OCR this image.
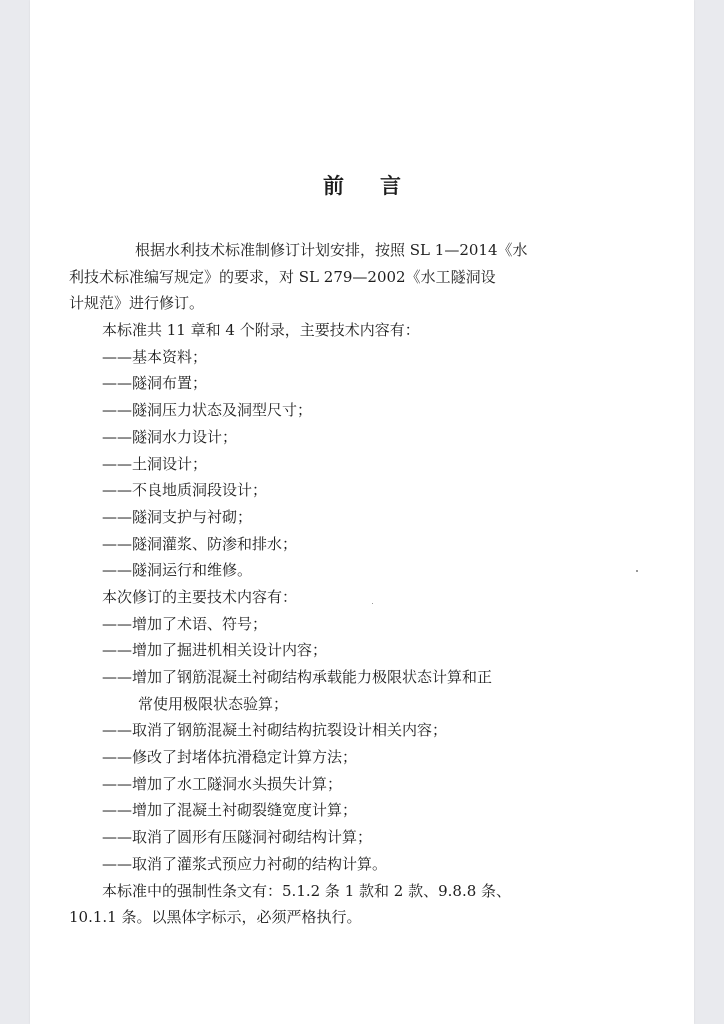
前言
根据水利技术标准制修订计划安排，按照 SL 1—2014《水
利技术标准编写规定》的要求，对 SL 279—2002《水工隧洞设
计规范》进行修订。
本标准共 11 章和 4 个附录，主要技术内容有：
——基本资料；
——隧洞布置；
——隧洞压力状态及洞型尺寸；
——隧洞水力设计；
——土洞设计；
——不良地质洞段设计；
——隧洞支护与衬砌；
——隧洞灌浆、防渗和排水；
——隧洞运行和维修。
本次修订的主要技术内容有：
——增加了术语、符号；
——增加了掘进机相关设计内容；
——增加了钢筋混凝土衬砌结构承载能力极限状态计算和正
常使用极限状态验算；
——取消了钢筋混凝土衬砌结构抗裂设计相关内容；
——修改了封堵体抗滑稳定计算方法；
——增加了水工隧洞水头损失计算；
——增加了混凝土衬砌裂缝宽度计算；
——取消了圆形有压隧洞衬砌结构计算；
——取消了灌浆式预应力衬砌的结构计算。
本标准中的强制性条文有：5.1.2 条 1 款和 2 款、9.8.8 条、
10.1.1 条。以黑体字标示，必须严格执行。
